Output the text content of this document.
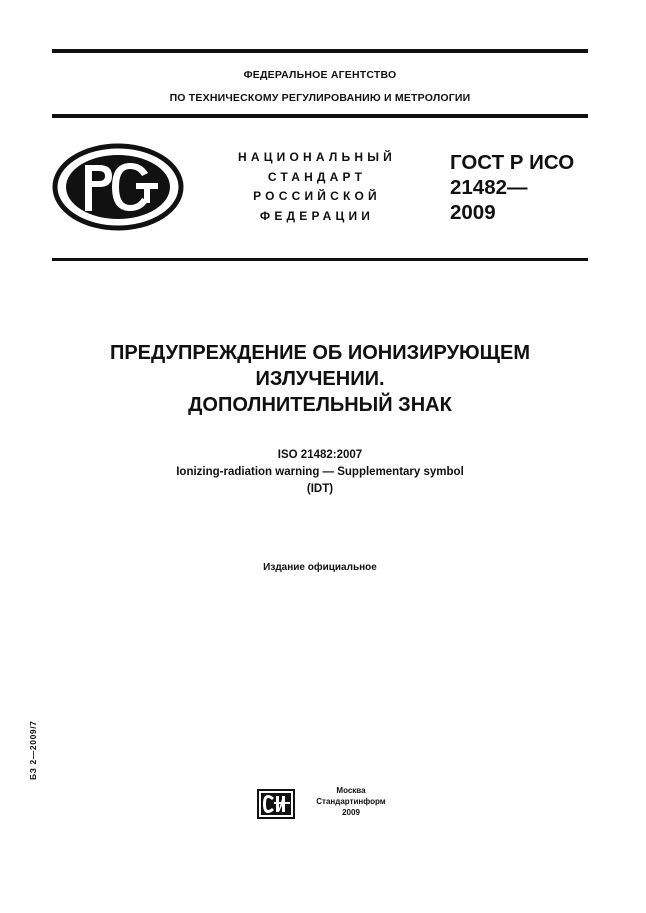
ФЕДЕРАЛЬНОЕ АГЕНТСТВО
ПО ТЕХНИЧЕСКОМУ РЕГУЛИРОВАНИЮ И МЕТРОЛОГИИ
НАЦИОНАЛЬНЫЙ
СТАНДАРТ
РОССИЙСКОЙ
ФЕДЕРАЦИИ
ГОСТ Р ИСО
21482—
2009
ПРЕДУПРЕЖДЕНИЕ ОБ ИОНИЗИРУЮЩЕМ
ИЗЛУЧЕНИИ.
ДОПОЛНИТЕЛЬНЫЙ ЗНАК
ISO 21482:2007
Ionizing-radiation warning — Supplementary symbol
(IDT)
Издание официальное
БЗ 2—2009/7
Москва
Стандартинформ
2009
